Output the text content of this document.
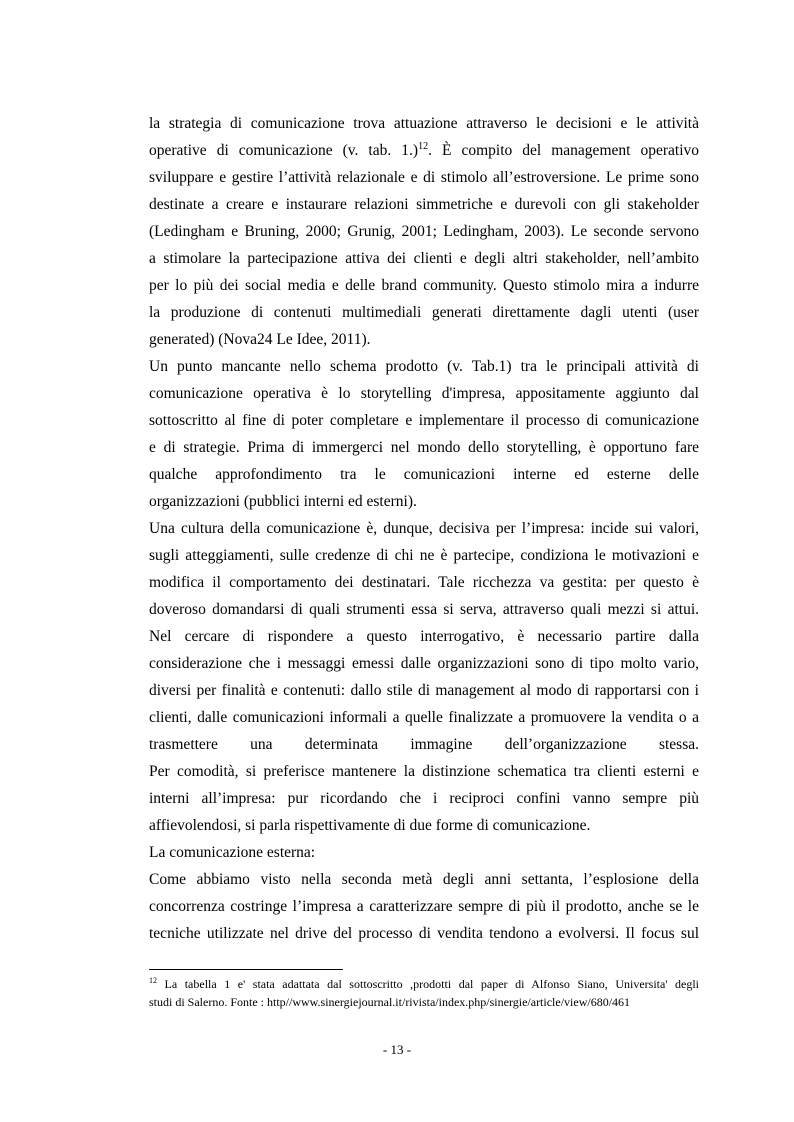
la strategia di comunicazione trova attuazione attraverso le decisioni e le attività
operative di comunicazione (v. tab. 1.)$^{12}$. È compito del management operativo
sviluppare e gestire l’attività relazionale e di stimolo all’estroversione. Le prime sono
destinate a creare e instaurare relazioni simmetriche e durevoli con gli stakeholder
(Ledingham e Bruning, 2000; Grunig, 2001; Ledingham, 2003). Le seconde servono
a stimolare la partecipazione attiva dei clienti e degli altri stakeholder, nell’ambito
per lo più dei social media e delle brand community. Questo stimolo mira a indurre
la produzione di contenuti multimediali generati direttamente dagli utenti (user
generated) (Nova24 Le Idee, 2011).
Un punto mancante nello schema prodotto (v. Tab.1) tra le principali attività di
comunicazione operativa è lo storytelling d'impresa, appositamente aggiunto dal
sottoscritto al fine di poter completare e implementare il processo di comunicazione
e di strategie. Prima di immergerci nel mondo dello storytelling, è opportuno fare
qualche approfondimento tra le comunicazioni interne ed esterne delle
organizzazioni (pubblici interni ed esterni).
Una cultura della comunicazione è, dunque, decisiva per l’impresa: incide sui valori,
sugli atteggiamenti, sulle credenze di chi ne è partecipe, condiziona le motivazioni e
modifica il comportamento dei destinatari. Tale ricchezza va gestita: per questo è
doveroso domandarsi di quali strumenti essa si serva, attraverso quali mezzi si attui.
Nel cercare di rispondere a questo interrogativo, è necessario partire dalla
considerazione che i messaggi emessi dalle organizzazioni sono di tipo molto vario,
diversi per finalità e contenuti: dallo stile di management al modo di rapportarsi con i
clienti, dalle comunicazioni informali a quelle finalizzate a promuovere la vendita o a
trasmettere una determinata immagine dell’organizzazione stessa.
Per comodità, si preferisce mantenere la distinzione schematica tra clienti esterni e
interni all’impresa: pur ricordando che i reciproci confini vanno sempre più
affievolendosi, si parla rispettivamente di due forme di comunicazione.
La comunicazione esterna:
Come abbiamo visto nella seconda metà degli anni settanta, l’esplosione della
concorrenza costringe l’impresa a caratterizzare sempre di più il prodotto, anche se le
tecniche utilizzate nel drive del processo di vendita tendono a evolversi. Il focus sul
$^{12}$ La tabella 1 e' stata adattata dal sottoscritto ,prodotti dal paper di Alfonso Siano, Universita' degli
studi di Salerno. Fonte : http//www.sinergiejournal.it/rivista/index.php/sinergie/article/view/680/461
- 13 -
